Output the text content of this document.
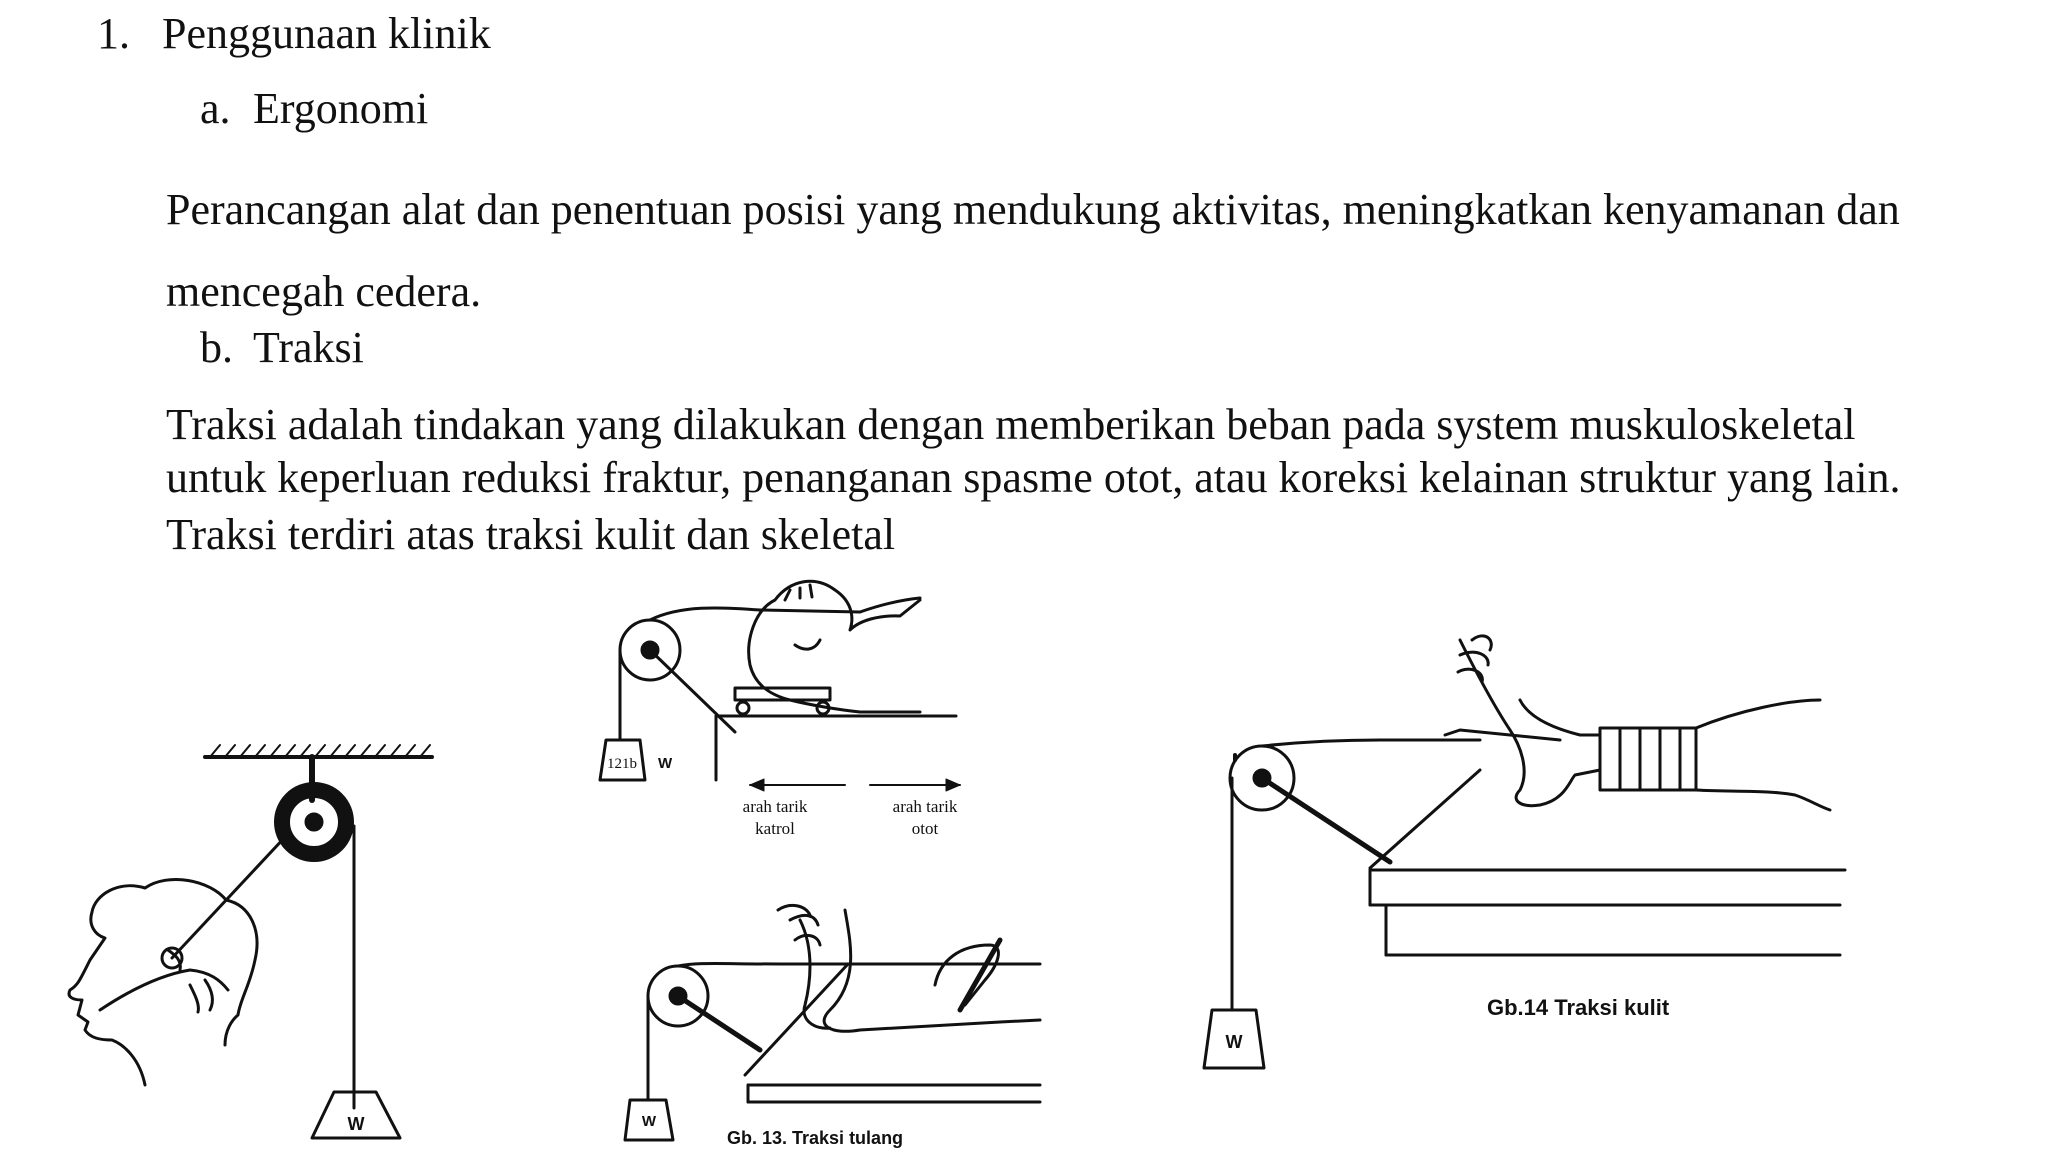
1. Penggunaan klinik
a. Ergonomi
Perancangan alat dan penentuan posisi yang mendukung aktivitas, meningkatkan kenyamanan dan
mencegah cedera.
b. Traksi
Traksi adalah tindakan yang dilakukan dengan memberikan beban pada system muskuloskeletal
untuk keperluan reduksi fraktur, penanganan spasme otot, atau koreksi kelainan struktur yang lain.
Traksi terdiri atas traksi kulit dan skeletal
W
121b W
arah tarik
katrol
arah tarik
otot
W
Gb. 13. Traksi tulang
W
Gb.14 Traksi kulit
